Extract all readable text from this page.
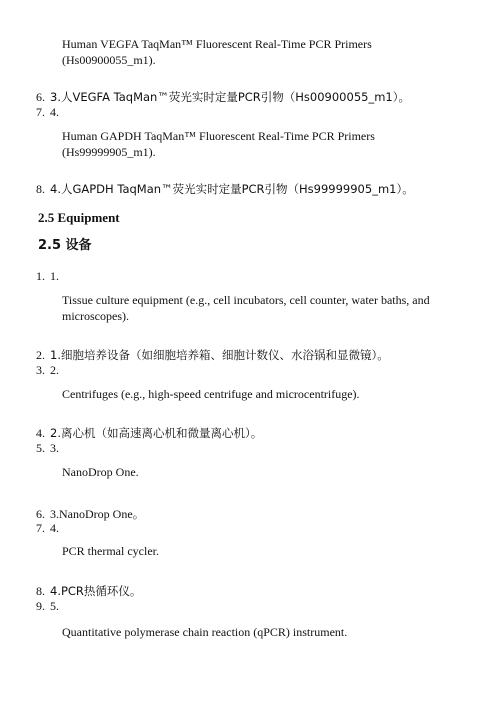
Human VEGFA TaqMan™ Fluorescent Real-Time PCR Primers (Hs00900055_m1).
6. 3.人VEGFA TaqMan™荧光实时定量PCR引物（Hs00900055_m1）。
7. 4.
Human GAPDH TaqMan™ Fluorescent Real-Time PCR Primers (Hs99999905_m1).
8. 4.人GAPDH TaqMan™荧光实时定量PCR引物（Hs99999905_m1）。
2.5 Equipment
2.5 设备
1. 1.
Tissue culture equipment (e.g., cell incubators, cell counter, water baths, and microscopes).
2. 1.细胞培养设备（如细胞培养箱、细胞计数仪、水浴锅和显微镜）。
3. 2.
Centrifuges (e.g., high-speed centrifuge and microcentrifuge).
4. 2.离心机（如高速离心机和微量离心机）。
5. 3.
NanoDrop One.
6. 3.NanoDrop One。
7. 4.
PCR thermal cycler.
8. 4.PCR热循环仪。
9. 5.
Quantitative polymerase chain reaction (qPCR) instrument.
